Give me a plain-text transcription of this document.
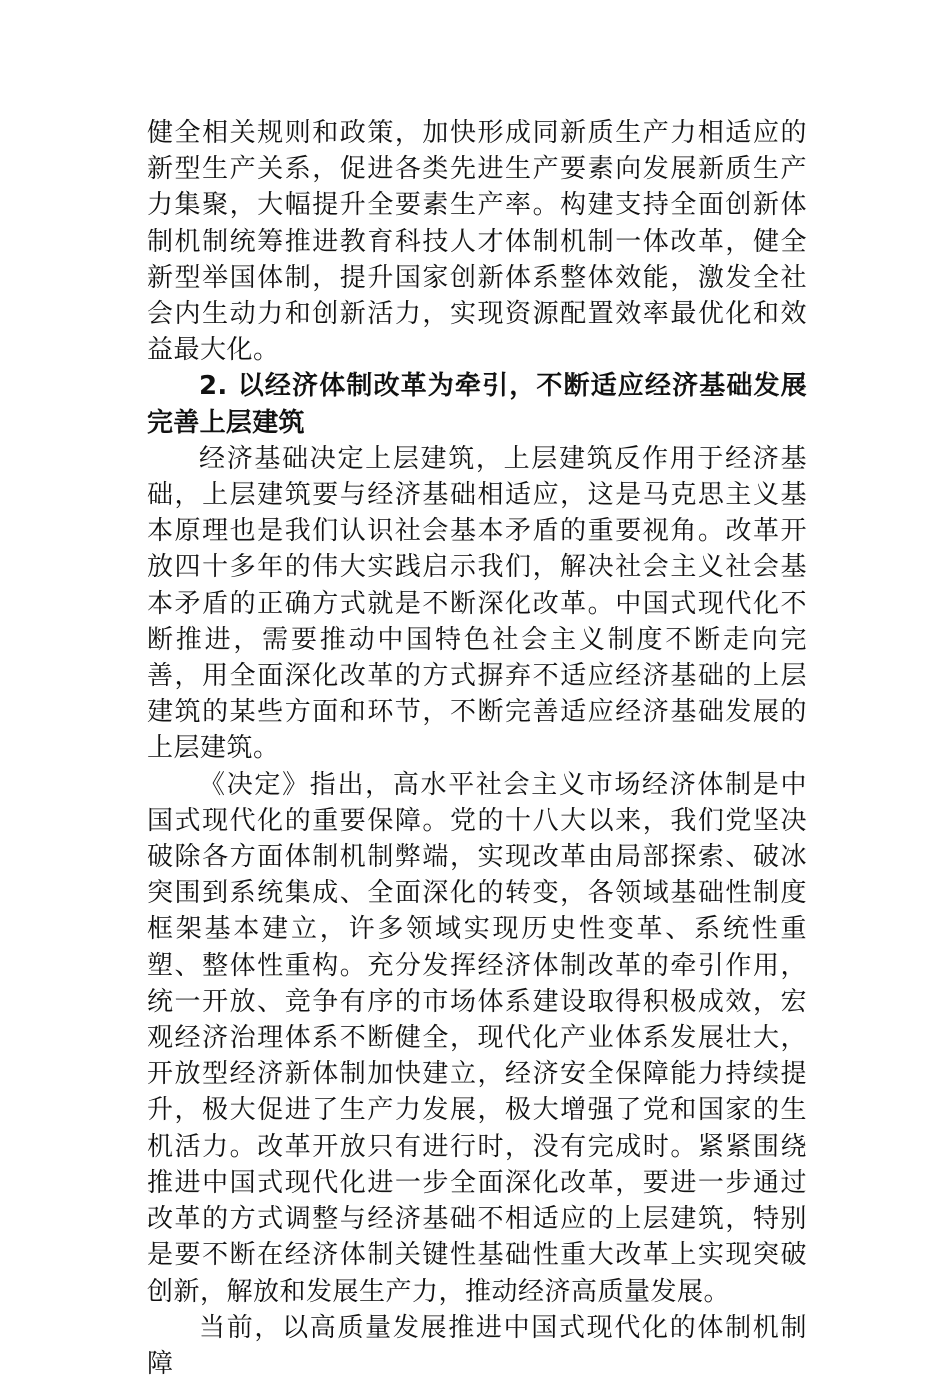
健全相关规则和政策，加快形成同新质生产力相适应的新型生产关系，促进各类先进生产要素向发展新质生产力集聚，大幅提升全要素生产率。构建支持全面创新体制机制统筹推进教育科技人才体制机制一体改革，健全新型举国体制，提升国家创新体系整体效能，激发全社会内生动力和创新活力，实现资源配置效率最优化和效益最大化。

2. 以经济体制改革为牵引，不断适应经济基础发展完善上层建筑

经济基础决定上层建筑，上层建筑反作用于经济基础，上层建筑要与经济基础相适应，这是马克思主义基本原理也是我们认识社会基本矛盾的重要视角。改革开放四十多年的伟大实践启示我们，解决社会主义社会基本矛盾的正确方式就是不断深化改革。中国式现代化不断推进，需要推动中国特色社会主义制度不断走向完善，用全面深化改革的方式摒弃不适应经济基础的上层建筑的某些方面和环节，不断完善适应经济基础发展的上层建筑。

《决定》指出，高水平社会主义市场经济体制是中国式现代化的重要保障。党的十八大以来，我们党坚决破除各方面体制机制弊端，实现改革由局部探索、破冰突围到系统集成、全面深化的转变，各领域基础性制度框架基本建立，许多领域实现历史性变革、系统性重塑、整体性重构。充分发挥经济体制改革的牵引作用，统一开放、竞争有序的市场体系建设取得积极成效，宏观经济治理体系不断健全，现代化产业体系发展壮大，开放型经济新体制加快建立，经济安全保障能力持续提升，极大促进了生产力发展，极大增强了党和国家的生机活力。改革开放只有进行时，没有完成时。紧紧围绕推进中国式现代化进一步全面深化改革，要进一步通过改革的方式调整与经济基础不相适应的上层建筑，特别是要不断在经济体制关键性基础性重大改革上实现突破创新，解放和发展生产力，推动经济高质量发展。

当前，以高质量发展推进中国式现代化的体制机制障
